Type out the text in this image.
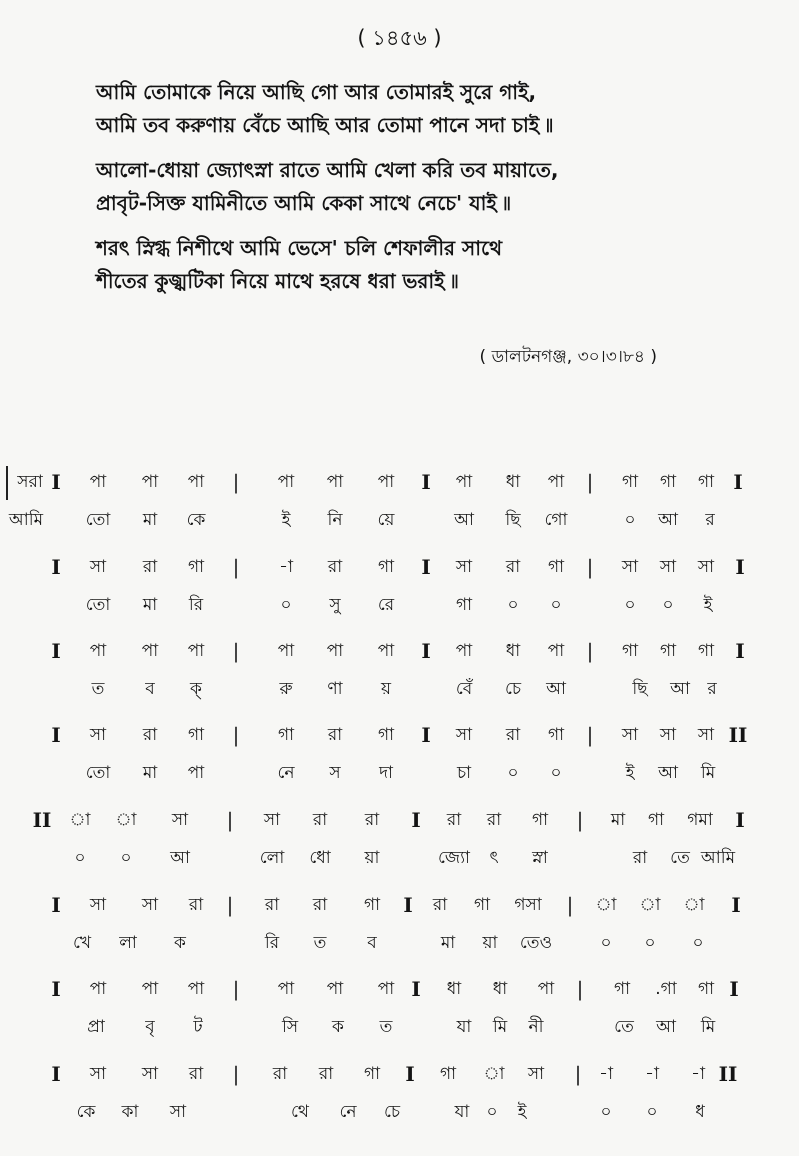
( ১৪৫৬ )
আমি তোমাকে নিয়ে আছি গো আর তোমারই সুরে গাই,
আমি তব করুণায় বেঁচে আছি আর তোমা পানে সদা চাই ৷৷
আলো-ধোয়া জ্যোৎস্না রাতে আমি খেলা করি তব মায়াতে,
প্রাবৃট-সিক্ত যামিনীতে আমি কেকা সাথে নেচে' যাই ৷৷
শরৎ স্নিগ্ধ নিশীথে আমি ভেসে' চলি শেফালীর সাথে
শীতের কুজ্ঝটিকা নিয়ে মাথে হরষে ধরা ভরাই ৷৷
( ডালটনগঞ্জ, ৩০।৩।৮৪ )
সরা I পা পা পা | পা পা পা I পা ধা পা | গা গা গা I
আমি	তো মা কে	ই নি য়ে	আ ছি গো	০ আ র
I সা রা গা | -া রা গা I সা রা গা | সা সা সা I
তো মা রি	০ সু রে	গা ০ ০	০ ০ ই
I পা পা পা | পা পা পা I পা ধা পা | গা গা গা I
ত ব ক্	রু ণা য়	বেঁ চে আ	ছি আ র
I সা রা গা | গা রা গা I সা রা গা | সা সা সা II
তো মা পা	নে স দা	চা ০ ০	ই আ মি
II া া সা | সা রা রা I রা রা গা | মা গা গমা I
০ ০ আ	লো ধো য়া	জ্যো ৎ স্না	রা তে আমি
I সা সা রা | রা রা গা I রা গা গসা | া া া I
খে লা ক	রি ত ব	মা য়া তেও	০ ০ ০
I পা পা পা | পা পা পা I ধা ধা পা | গা .গা গা I
প্রা বৃ ট	সি ক ত	যা মি নী	তে আ মি
I সা সা রা | রা রা গা I গা া সা | -া -া -া II
কে কা সা	থে নে চে	যা ০ ই	০ ০ ধ
